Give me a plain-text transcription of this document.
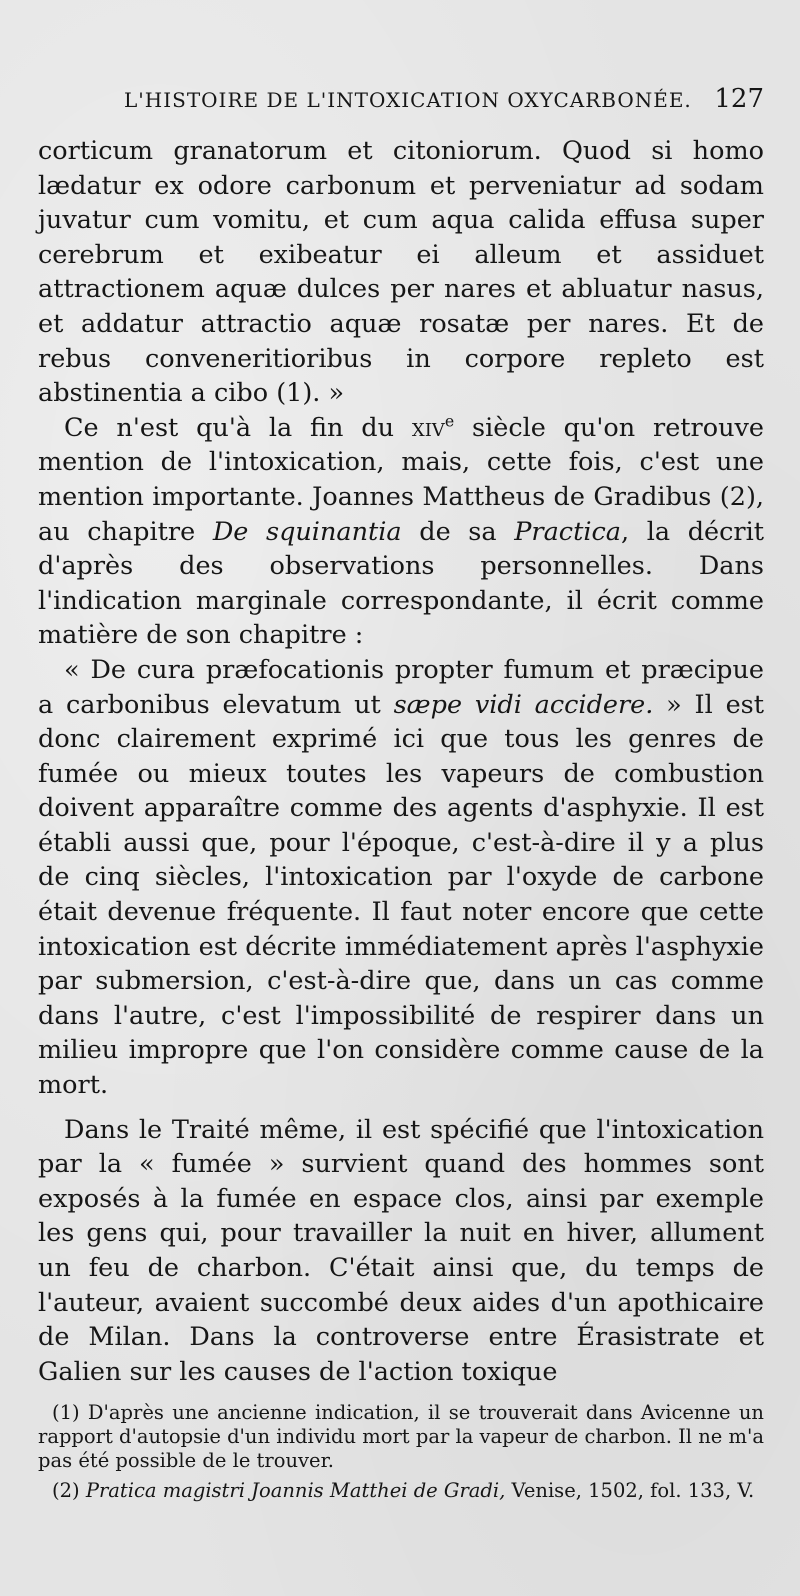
L'HISTOIRE DE L'INTOXICATION OXYCARBONÉE. 127

corticum granatorum et citoniorum. Quod si homo lædatur ex odore carbonum et perveniatur ad sodam juvatur cum vomitu, et cum aqua calida effusa super cerebrum et exibeatur ei alleum et assiduet attractionem aquæ dulces per nares et abluatur nasus, et addatur attractio aquæ rosatæ per nares. Et de rebus conveneritioribus in corpore repleto est abstinentia a cibo (1). »

Ce n'est qu'à la fin du xiv$^e$ siècle qu'on retrouve mention de l'intoxication, mais, cette fois, c'est une mention importante. Joannes Mattheus de Gradibus (2), au chapitre De squinantia de sa Practica, la décrit d'après des observations personnelles. Dans l'indication marginale correspondante, il écrit comme matière de son chapitre :

« De cura præfocationis propter fumum et præcipue a carbonibus elevatum ut sæpe vidi accidere. » Il est donc clairement exprimé ici que tous les genres de fumée ou mieux toutes les vapeurs de combustion doivent apparaître comme des agents d'asphyxie. Il est établi aussi que, pour l'époque, c'est-à-dire il y a plus de cinq siècles, l'intoxication par l'oxyde de carbone était devenue fréquente. Il faut noter encore que cette intoxication est décrite immédiatement après l'asphyxie par submersion, c'est-à-dire que, dans un cas comme dans l'autre, c'est l'impossibilité de respirer dans un milieu impropre que l'on considère comme cause de la mort.

Dans le Traité même, il est spécifié que l'intoxication par la « fumée » survient quand des hommes sont exposés à la fumée en espace clos, ainsi par exemple les gens qui, pour travailler la nuit en hiver, allument un feu de charbon. C'était ainsi que, du temps de l'auteur, avaient succombé deux aides d'un apothicaire de Milan. Dans la controverse entre Érasistrate et Galien sur les causes de l'action toxique

(1) D'après une ancienne indication, il se trouverait dans Avicenne un rapport d'autopsie d'un individu mort par la vapeur de charbon. Il ne m'a pas été possible de le trouver.

(2) Pratica magistri Joannis Matthei de Gradi, Venise, 1502, fol. 133, V.
